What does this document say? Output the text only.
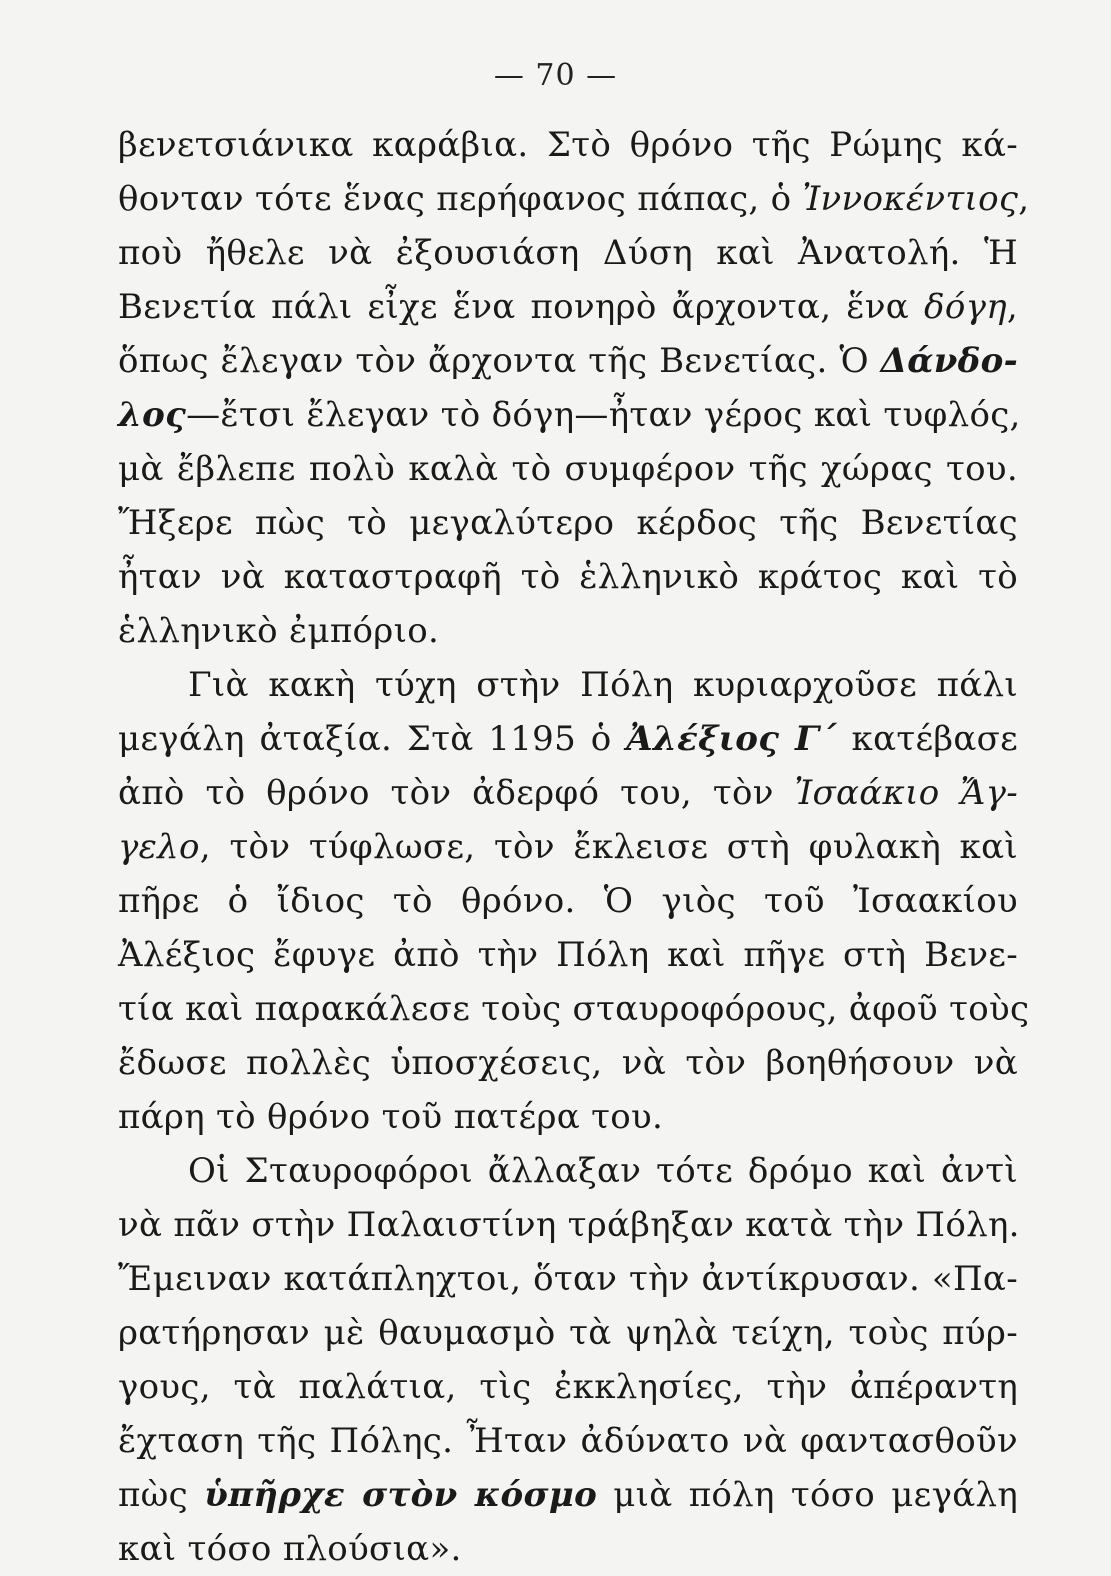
— 70 —
βενετσιάνικα καράβια. Στὸ θρόνο τῆς Ρώμης κά-
θονταν τότε ἕνας περήφανος πάπας, ὁ Ἰννοκέντιος,
ποὺ ἤθελε νὰ ἐξουσιάση Δύση καὶ Ἀνατολή. Ἡ
Βενετία πάλι εἶχε ἕνα πονηρὸ ἄρχοντα, ἕνα δόγη,
ὅπως ἔλεγαν τὸν ἄρχοντα τῆς Βενετίας. Ὁ Δάνδο-
λος—ἔτσι ἔλεγαν τὸ δόγη—ἦταν γέρος καὶ τυφλός,
μὰ ἔβλεπε πολὺ καλὰ τὸ συμφέρον τῆς χώρας του.
Ἤξερε πὼς τὸ μεγαλύτερο κέρδος τῆς Βενετίας
ἦταν νὰ καταστραφῆ τὸ ἑλληνικὸ κράτος καὶ τὸ
ἑλληνικὸ ἐμπόριο.
Γιὰ κακὴ τύχη στὴν Πόλη κυριαρχοῦσε πάλι
μεγάλη ἀταξία. Στὰ 1195 ὁ Ἀλέξιος Γ΄ κατέβασε
ἀπὸ τὸ θρόνο τὸν ἀδερφό του, τὸν Ἰσαάκιο Ἄγ-
γελο, τὸν τύφλωσε, τὸν ἔκλεισε στὴ φυλακὴ καὶ
πῆρε ὁ ἴδιος τὸ θρόνο. Ὁ γιὸς τοῦ Ἰσαακίου
Ἀλέξιος ἔφυγε ἀπὸ τὴν Πόλη καὶ πῆγε στὴ Βενε-
τία καὶ παρακάλεσε τοὺς σταυροφόρους, ἀφοῦ τοὺς
ἔδωσε πολλὲς ὑποσχέσεις, νὰ τὸν βοηθήσουν νὰ
πάρη τὸ θρόνο τοῦ πατέρα του.
Οἱ Σταυροφόροι ἄλλαξαν τότε δρόμο καὶ ἀντὶ
νὰ πᾶν στὴν Παλαιστίνη τράβηξαν κατὰ τὴν Πόλη.
Ἔμειναν κατάπληχτοι, ὅταν τὴν ἀντίκρυσαν. «Πα-
ρατήρησαν μὲ θαυμασμὸ τὰ ψηλὰ τείχη, τοὺς πύρ-
γους, τὰ παλάτια, τὶς ἐκκλησίες, τὴν ἀπέραντη
ἔχταση τῆς Πόλης. Ἦταν ἀδύνατο νὰ φαντασθοῦν
πὼς ὑπῆρχε στὸν κόσμο μιὰ πόλη τόσο μεγάλη
καὶ τόσο πλούσια».
